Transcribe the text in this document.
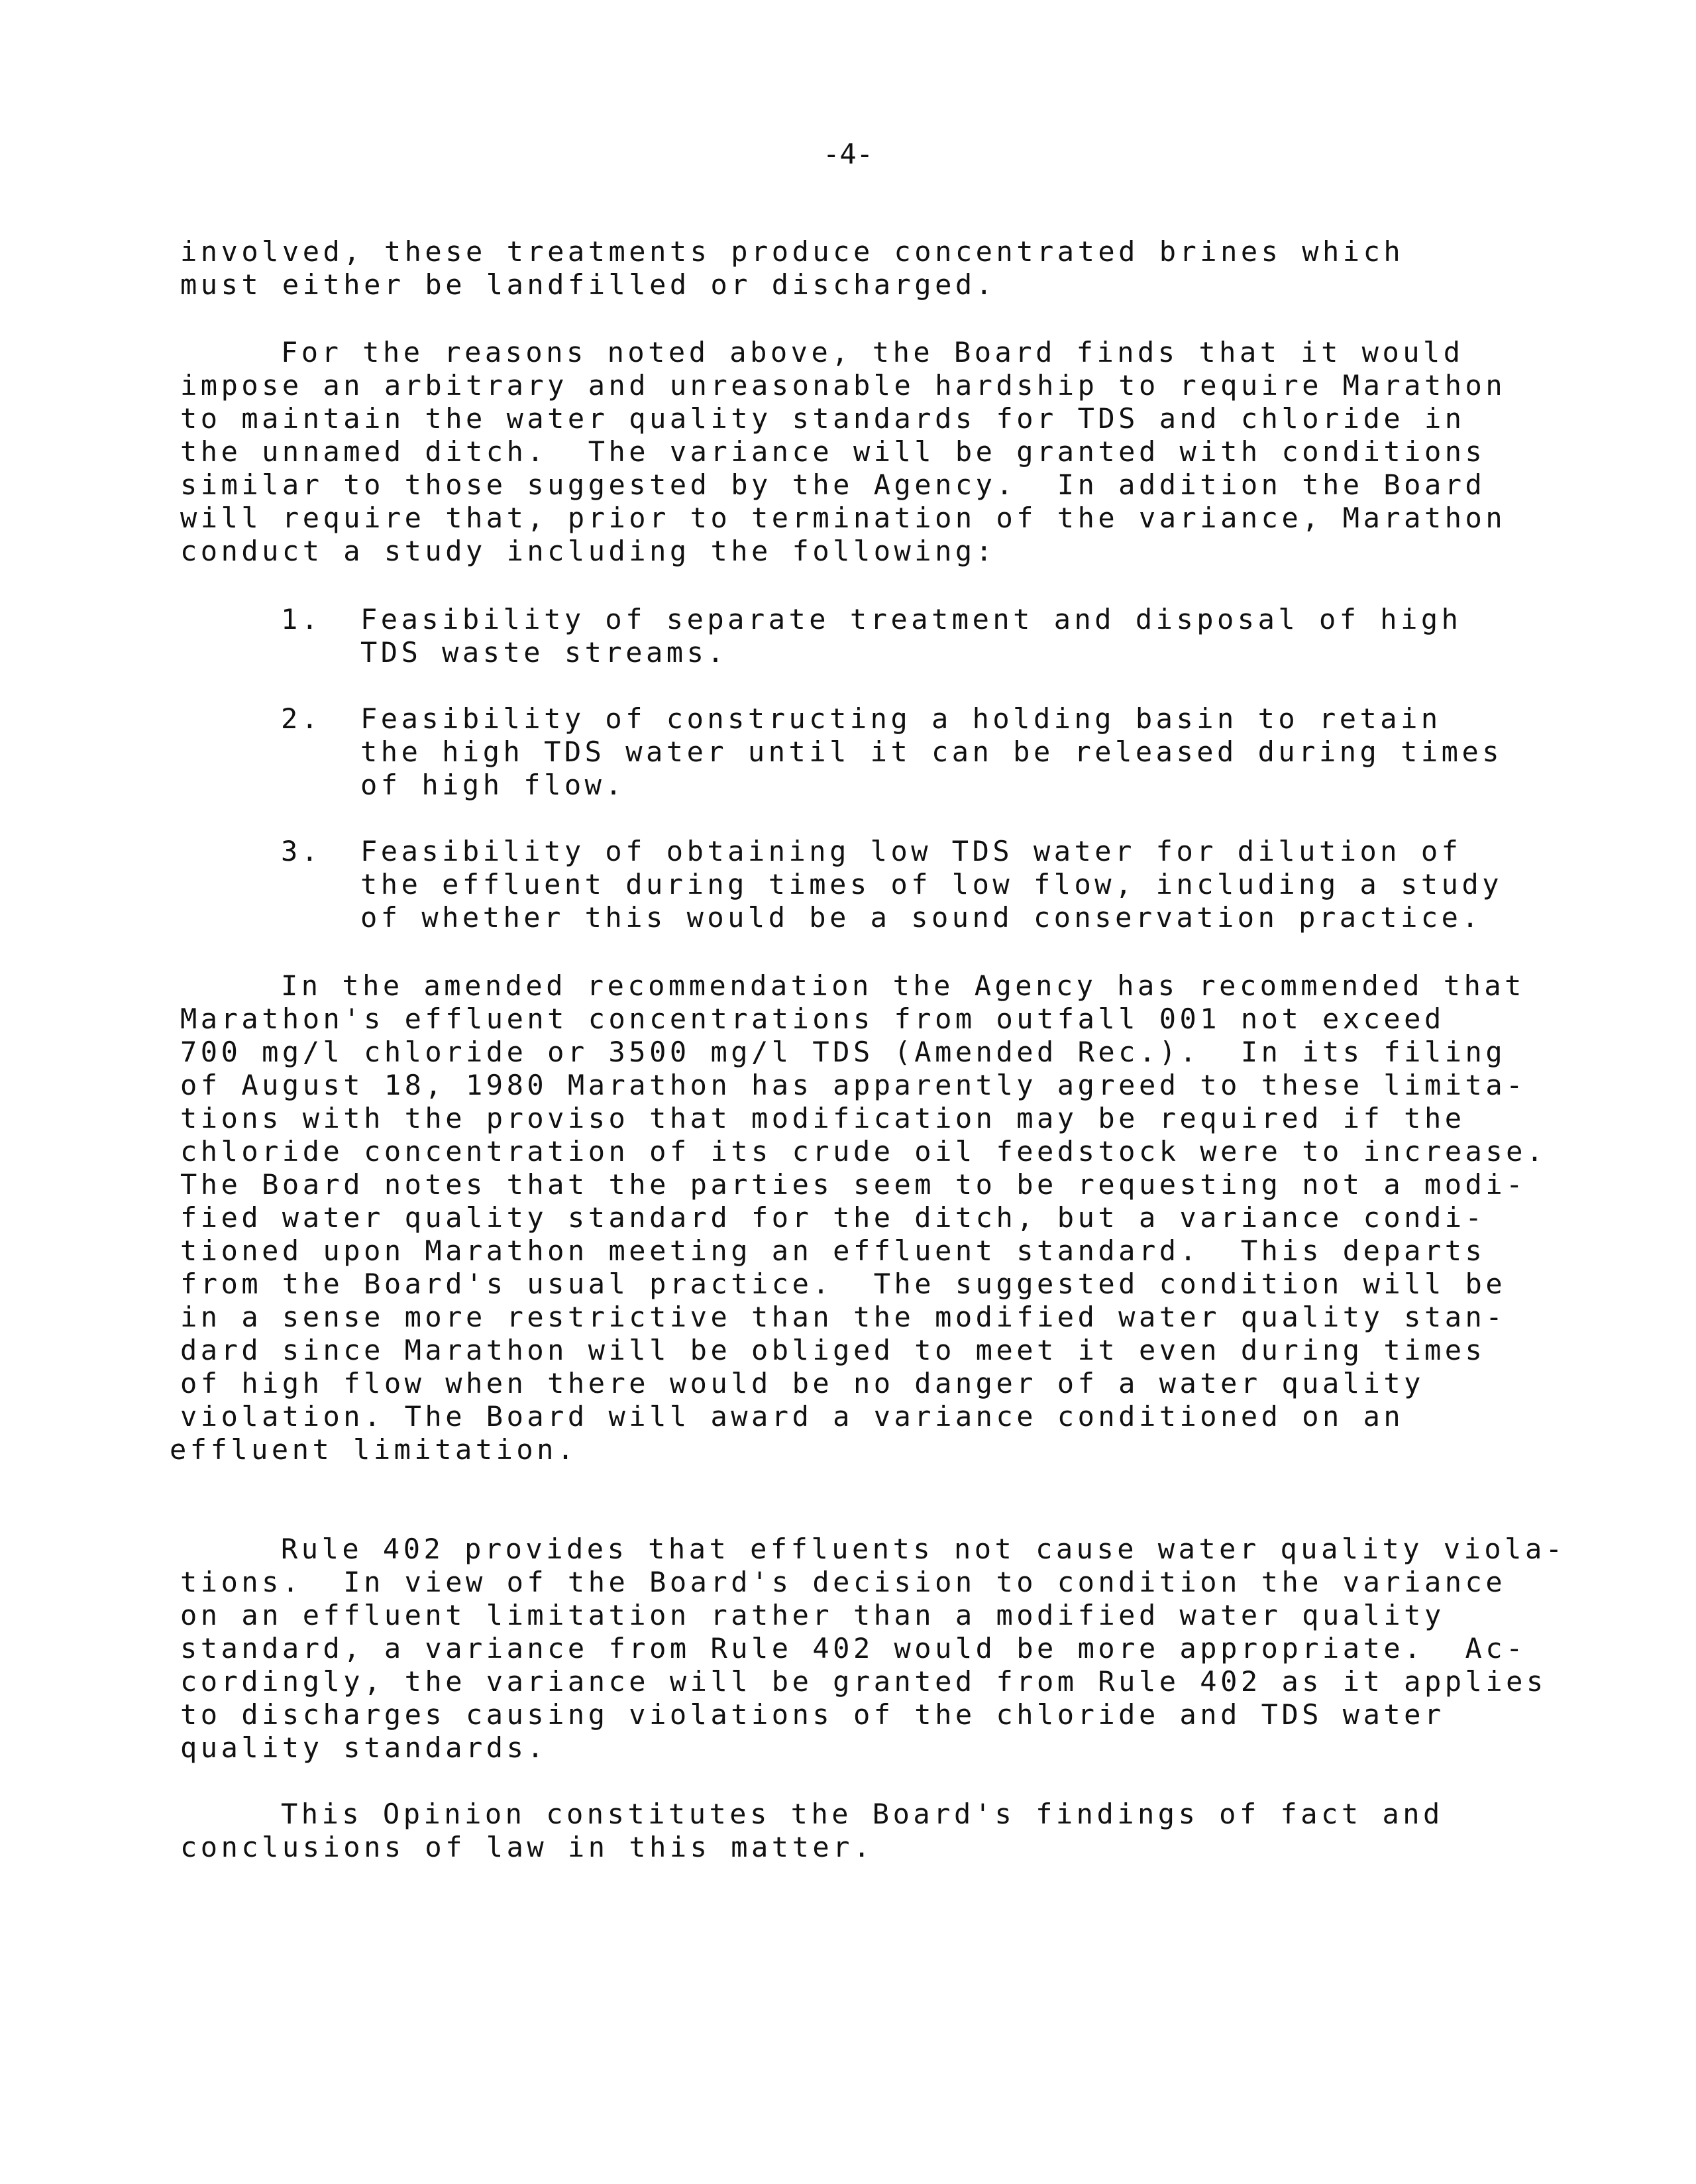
-4-
involved, these treatments produce concentrated brines which
must either be landfilled or discharged.
For the reasons noted above, the Board finds that it would
impose an arbitrary and unreasonable hardship to require Marathon
to maintain the water quality standards for TDS and chloride in
the unnamed ditch.  The variance will be granted with conditions
similar to those suggested by the Agency.  In addition the Board
will require that, prior to termination of the variance, Marathon
conduct a study including the following:
1. Feasibility of separate treatment and disposal of high
TDS waste streams.
2. Feasibility of constructing a holding basin to retain
the high TDS water until it can be released during times
of high flow.
3. Feasibility of obtaining low TDS water for dilution of
the effluent during times of low flow, including a study
of whether this would be a sound conservation practice.
In the amended recommendation the Agency has recommended that
Marathon's effluent concentrations from outfall 001 not exceed
700 mg/l chloride or 3500 mg/l TDS (Amended Rec.).  In its filing
of August 18, 1980 Marathon has apparently agreed to these limita-
tions with the proviso that modification may be required if the
chloride concentration of its crude oil feedstock were to increase.
The Board notes that the parties seem to be requesting not a modi-
fied water quality standard for the ditch, but a variance condi-
tioned upon Marathon meeting an effluent standard.  This departs
from the Board's usual practice.  The suggested condition will be
in a sense more restrictive than the modified water quality stan-
dard since Marathon will be obliged to meet it even during times
of high flow when there would be no danger of a water quality
violation. The Board will award a variance conditioned on an
effluent limitation.
Rule 402 provides that effluents not cause water quality viola-
tions.  In view of the Board's decision to condition the variance
on an effluent limitation rather than a modified water quality
standard, a variance from Rule 402 would be more appropriate.  Ac-
cordingly, the variance will be granted from Rule 402 as it applies
to discharges causing violations of the chloride and TDS water
quality standards.
This Opinion constitutes the Board's findings of fact and
conclusions of law in this matter.
